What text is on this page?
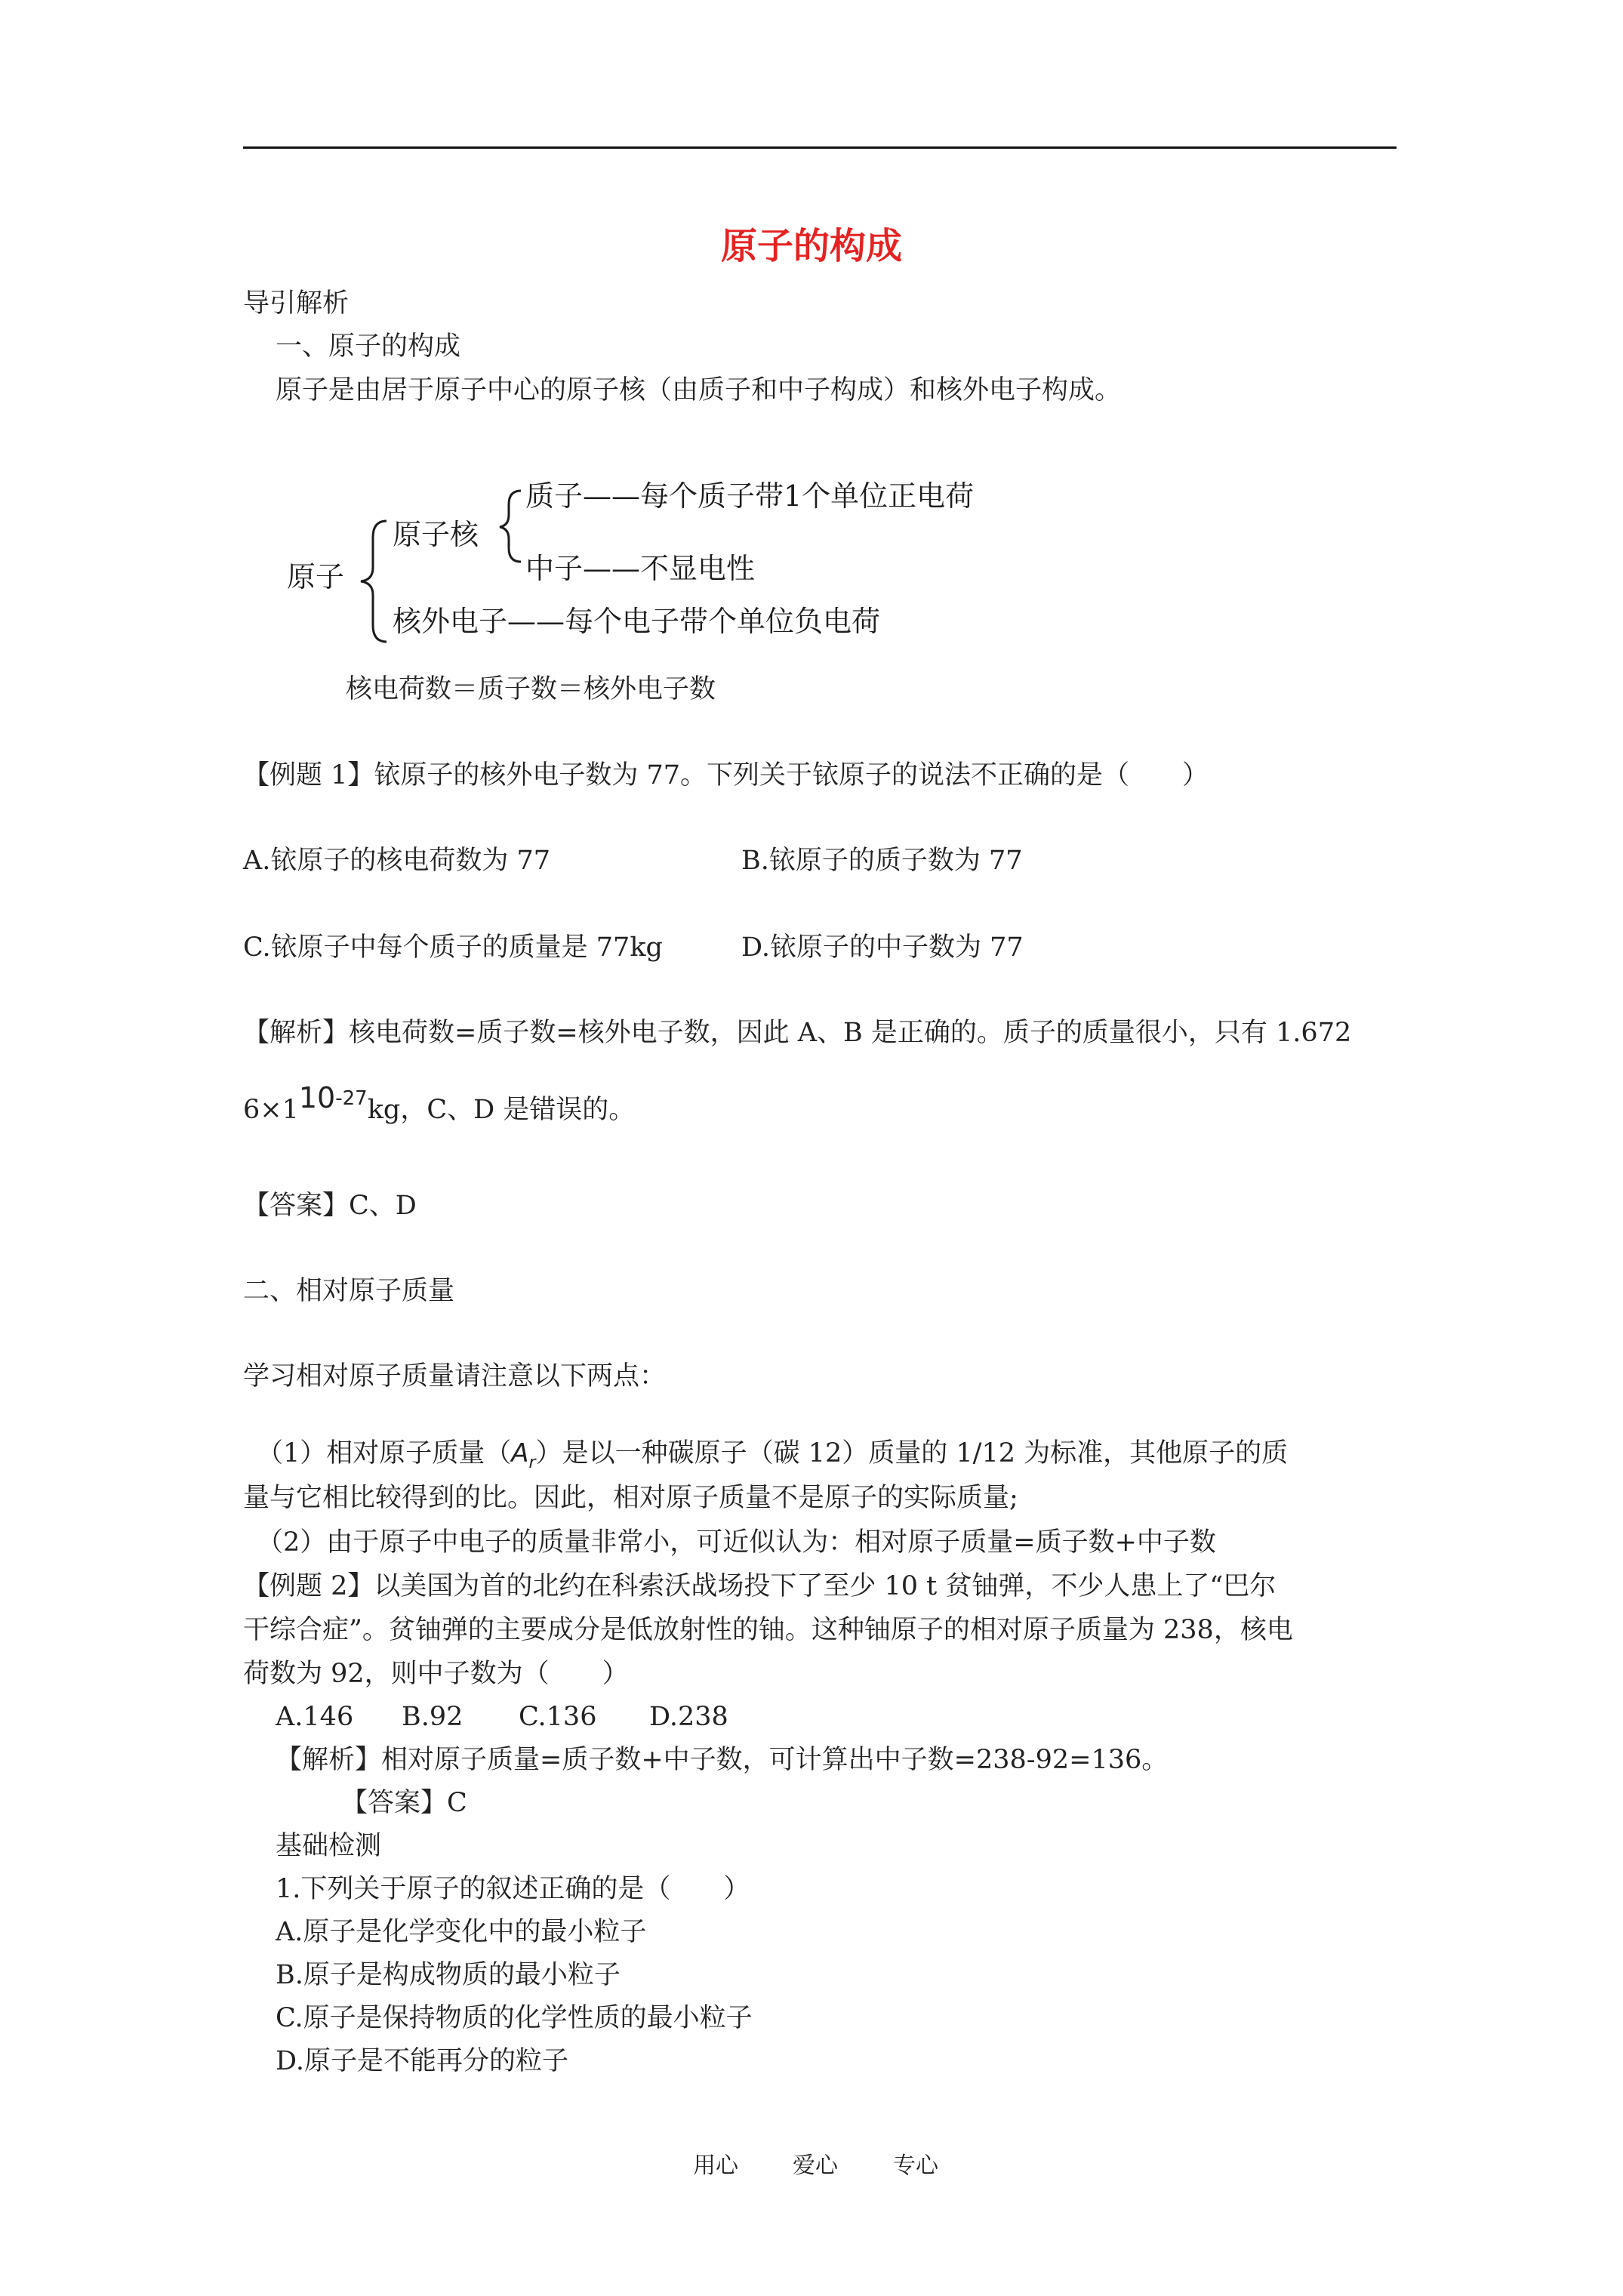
原子的构成
导引解析
一、原子的构成
原子是由居于原子中心的原子核（由质子和中子构成）和核外电子构成。
原子
原子核
质子——每个质子带1个单位正电荷
中子——不显电性
核外电子——每个电子带个单位负电荷
核电荷数＝质子数＝核外电子数
【例题 1】铱原子的核外电子数为 77。下列关于铱原子的说法不正确的是（　　）
A.铱原子的核电荷数为 77	B.铱原子的质子数为 77
C.铱原子中每个质子的质量是 77kg	D.铱原子的中子数为 77
【解析】核电荷数=质子数=核外电子数，因此 A、B 是正确的。质子的质量很小，只有 1.672
$6\times 110^{-27}kg$，C、D 是错误的。
【答案】C、D
二、相对原子质量
学习相对原子质量请注意以下两点：
（1）相对原子质量$(A_r)$是以一种碳原子（碳 12）质量的 1/12 为标准，其他原子的质
量与它相比较得到的比。因此，相对原子质量不是原子的实际质量;
（2）由于原子中电子的质量非常小，可近似认为：相对原子质量=质子数+中子数
【例题 2】以美国为首的北约在科索沃战场投下了至少 10 t 贫铀弹，不少人患上了“巴尔
干综合症”。贫铀弹的主要成分是低放射性的铀。这种铀原子的相对原子质量为 238，核电
荷数为 92，则中子数为（　　）
A.146 B.92 C.136 D.238
【解析】相对原子质量=质子数+中子数，可计算出中子数=238-92=136。
【答案】C
基础检测
1.下列关于原子的叙述正确的是（　　）
A.原子是化学变化中的最小粒子
B.原子是构成物质的最小粒子
C.原子是保持物质的化学性质的最小粒子
D.原子是不能再分的粒子
用心 爱心 专心
